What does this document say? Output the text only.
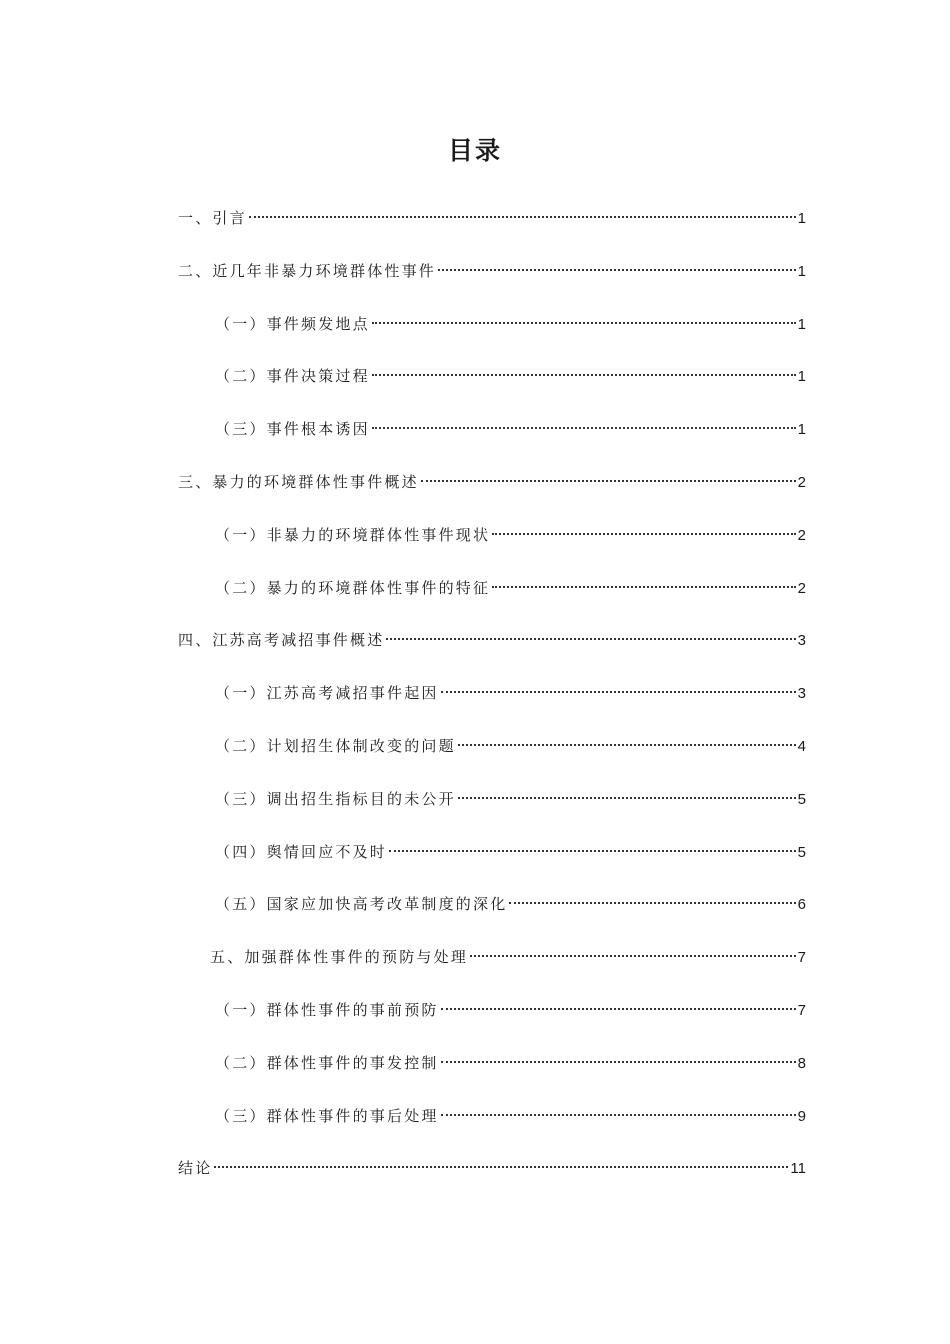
目录
一、引言	1
二、近几年非暴力环境群体性事件	1
（一）事件频发地点	1
（二）事件决策过程	1
（三）事件根本诱因	1
三、暴力的环境群体性事件概述	2
（一）非暴力的环境群体性事件现状	2
（二）暴力的环境群体性事件的特征	2
四、江苏高考减招事件概述	3
（一）江苏高考减招事件起因	3
（二）计划招生体制改变的问题	4
（三）调出招生指标目的未公开	5
（四）舆情回应不及时	5
（五）国家应加快高考改革制度的深化	6
五、加强群体性事件的预防与处理	7
（一）群体性事件的事前预防	7
（二）群体性事件的事发控制	8
（三）群体性事件的事后处理	9
结论	11
